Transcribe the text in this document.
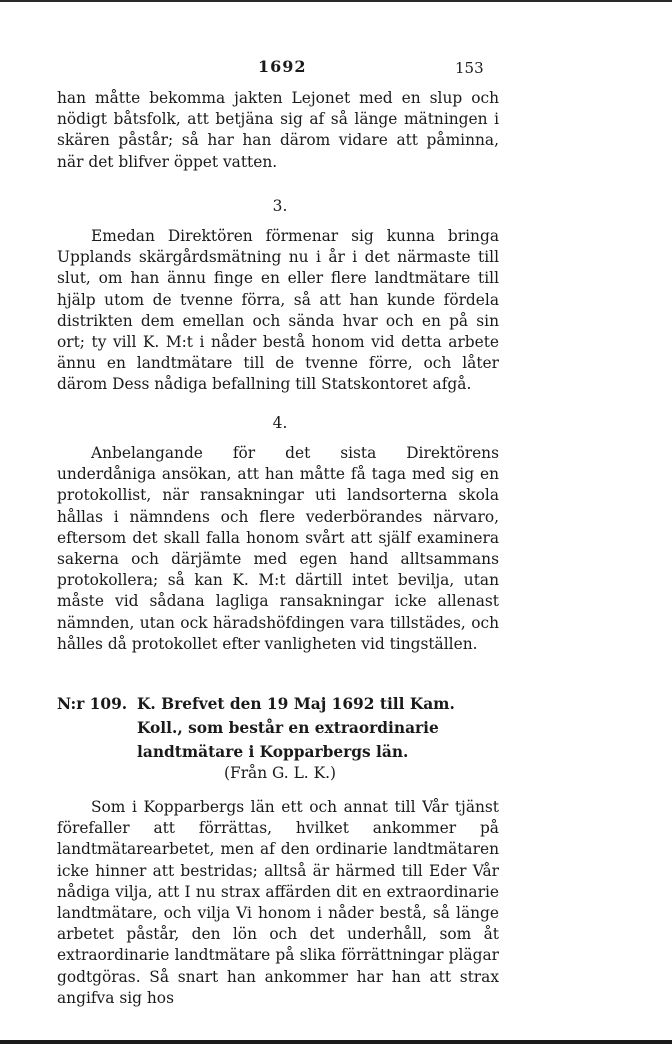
1692	153

han måtte bekomma jakten Lejonet med en slup och nödigt båtsfolk, att betjäna sig af så länge mätningen i skären påstår; så har han därom vidare att påminna, när det blifver öppet vatten.

3.

Emedan Direktören förmenar sig kunna bringa Upplands skärgårdsmätning nu i år i det närmaste till slut, om han ännu finge en eller flere landtmätare till hjälp utom de tvenne förra, så att han kunde fördela distrikten dem emellan och sända hvar och en på sin ort; ty vill K. M:t i nåder bestå honom vid detta arbete ännu en landtmätare till de tvenne förre, och låter därom Dess nådiga befallning till Statskontoret afgå.

4.

Anbelangande för det sista Direktörens underdåniga ansökan, att han måtte få taga med sig en protokollist, när ransakningar uti landsorterna skola hållas i nämndens och flere vederbörandes närvaro, eftersom det skall falla honom svårt att själf examinera sakerna och därjämte med egen hand alltsammans protokollera; så kan K. M:t därtill intet bevilja, utan måste vid sådana lagliga ransakningar icke allenast nämnden, utan ock häradshöfdingen vara tillstädes, och hålles då protokollet efter vanligheten vid tingställen.

N:r 109. K. Brefvet den 19 Maj 1692 till Kam. Koll., som består en extraordinarie landtmätare i Kopparbergs län.
(Från G. L. K.)

Som i Kopparbergs län ett och annat till Vår tjänst förefaller att förrättas, hvilket ankommer på landtmätarearbetet, men af den ordinarie landtmätaren icke hinner att bestridas; alltså är härmed till Eder Vår nådiga vilja, att I nu strax affärden dit en extraordinarie landtmätare, och vilja Vi honom i nåder bestå, så länge arbetet påstår, den lön och det underhåll, som åt extraordinarie landtmätare på slika förrättningar plägar godtgöras. Så snart han ankommer har han att strax angifva sig hos
